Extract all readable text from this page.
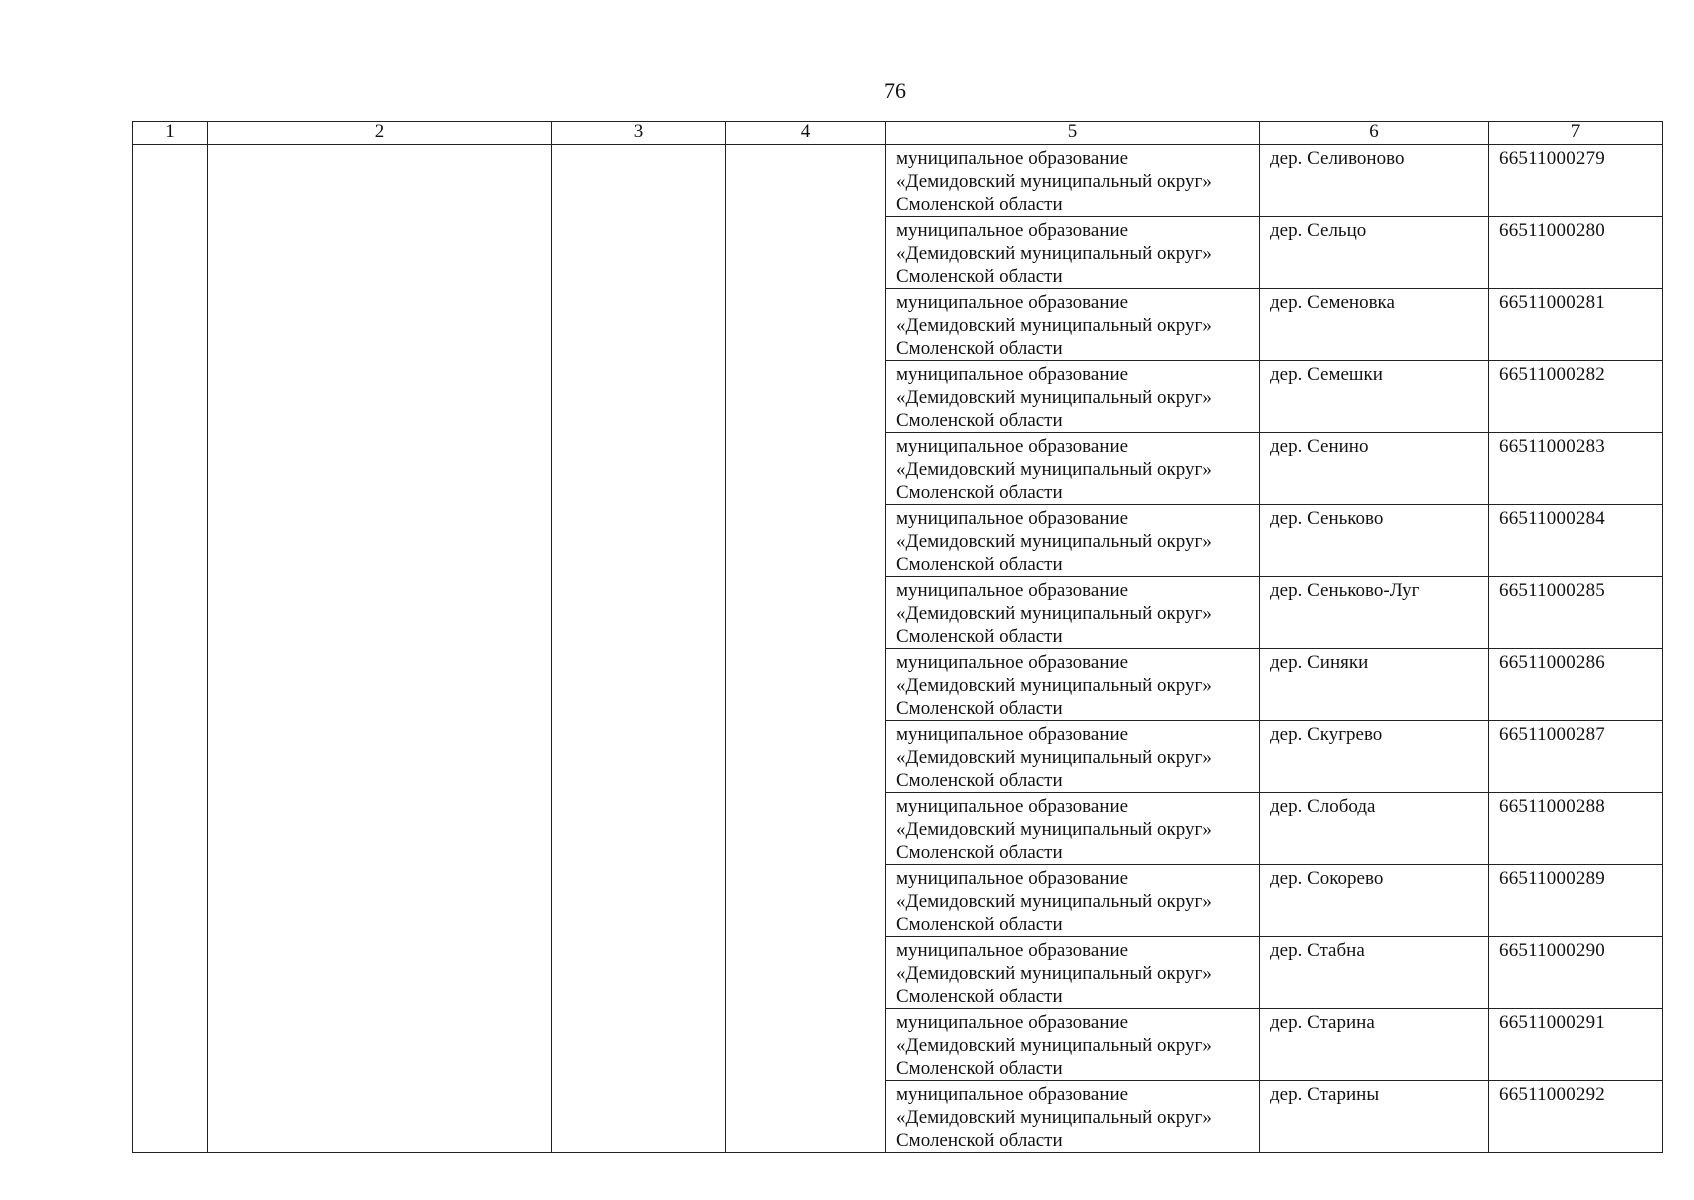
76
1	2	3	4	5	6	7

				муниципальное образование
«Демидовский муниципальный округ»
Смоленской области	дер. Селивоново	66511000279

				муниципальное образование
«Демидовский муниципальный округ»
Смоленской области	дер. Сельцо	66511000280

				муниципальное образование
«Демидовский муниципальный округ»
Смоленской области	дер. Семеновка	66511000281

				муниципальное образование
«Демидовский муниципальный округ»
Смоленской области	дер. Семешки	66511000282

				муниципальное образование
«Демидовский муниципальный округ»
Смоленской области	дер. Сенино	66511000283

				муниципальное образование
«Демидовский муниципальный округ»
Смоленской области	дер. Сеньково	66511000284

				муниципальное образование
«Демидовский муниципальный округ»
Смоленской области	дер. Сеньково-Луг	66511000285

				муниципальное образование
«Демидовский муниципальный округ»
Смоленской области	дер. Синяки	66511000286

				муниципальное образование
«Демидовский муниципальный округ»
Смоленской области	дер. Скугрево	66511000287

				муниципальное образование
«Демидовский муниципальный округ»
Смоленской области	дер. Слобода	66511000288

				муниципальное образование
«Демидовский муниципальный округ»
Смоленской области	дер. Сокорево	66511000289

				муниципальное образование
«Демидовский муниципальный округ»
Смоленской области	дер. Стабна	66511000290

				муниципальное образование
«Демидовский муниципальный округ»
Смоленской области	дер. Старина	66511000291

				муниципальное образование
«Демидовский муниципальный округ»
Смоленской области	дер. Старины	66511000292
